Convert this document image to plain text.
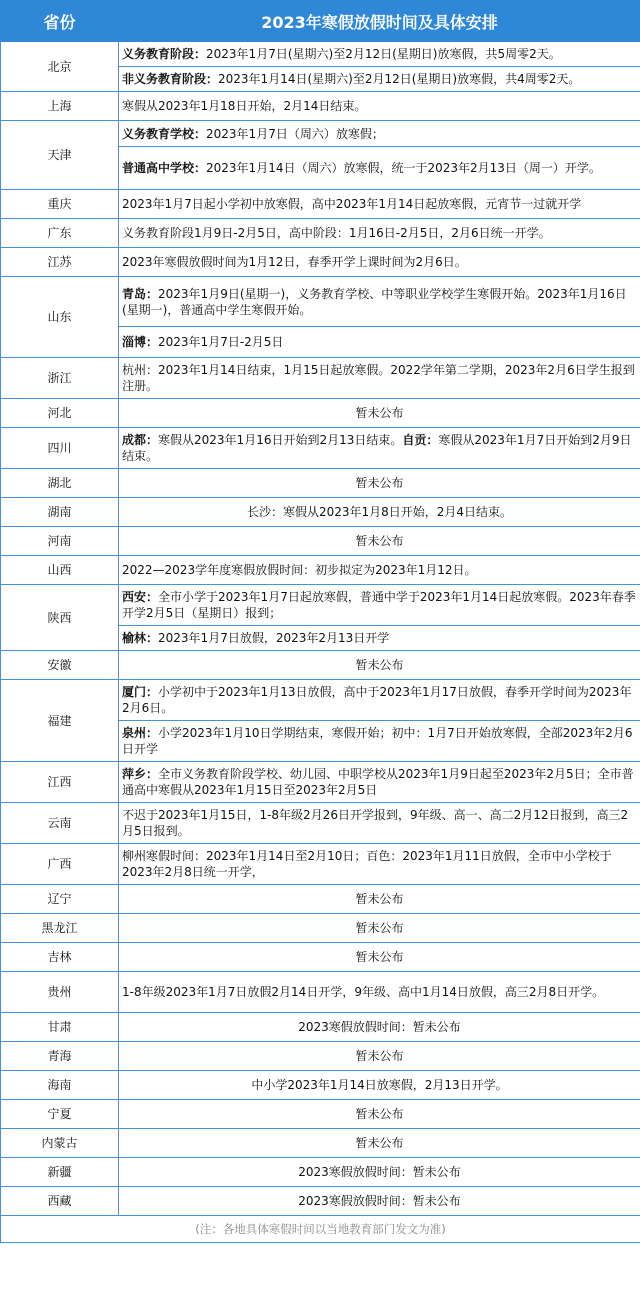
省份	2023年寒假放假时间及具体安排
北京	义务教育阶段：2023年1月7日(星期六)至2月12日(星期日)放寒假，共5周零2天。
	非义务教育阶段：2023年1月14日(星期六)至2月12日(星期日)放寒假，共4周零2天。
上海	寒假从2023年1月18日开始，2月14日结束。
天津	义务教育学校：2023年1月7日（周六）放寒假；
	普通高中学校：2023年1月14日（周六）放寒假，统一于2023年2月13日（周一）开学。
重庆	2023年1月7日起小学初中放寒假，高中2023年1月14日起放寒假，元宵节一过就开学
广东	义务教育阶段1月9日-2月5日，高中阶段：1月16日-2月5日，2月6日统一开学。
江苏	2023年寒假放假时间为1月12日，春季开学上课时间为2月6日。
山东	青岛：2023年1月9日(星期一)，义务教育学校、中等职业学校学生寒假开始。2023年1月16日(星期一)，普通高中学生寒假开始。
	淄博：2023年1月7日-2月5日
浙江	杭州：2023年1月14日结束，1月15日起放寒假。2022学年第二学期，2023年2月6日学生报到注册。
河北	暂未公布
四川	成都：寒假从2023年1月16日开始到2月13日结束。自贡：寒假从2023年1月7日开始到2月9日结束。
湖北	暂未公布
湖南	长沙：寒假从2023年1月8日开始，2月4日结束。
河南	暂未公布
山西	2022—2023学年度寒假放假时间：初步拟定为2023年1月12日。
陕西	西安：全市小学于2023年1月7日起放寒假，普通中学于2023年1月14日起放寒假。2023年春季开学2月5日（星期日）报到；
	榆林：2023年1月7日放假，2023年2月13日开学
安徽	暂未公布
福建	厦门：小学初中于2023年1月13日放假，高中于2023年1月17日放假，春季开学时间为2023年2月6日。
	泉州：小学2023年1月10日学期结束，寒假开始；初中：1月7日开始放寒假，全部2023年2月6日开学
江西	萍乡：全市义务教育阶段学校、幼儿园、中职学校从2023年1月9日起至2023年2月5日；全市普通高中寒假从2023年1月15日至2023年2月5日
云南	不迟于2023年1月15日，1-8年级2月26日开学报到，9年级、高一、高二2月12日报到，高三2月5日报到。
广西	柳州寒假时间：2023年1月14日至2月10日；百色：2023年1月11日放假，全市中小学校于2023年2月8日统一开学，
辽宁	暂未公布
黑龙江	暂未公布
吉林	暂未公布
贵州	1-8年级2023年1月7日放假2月14日开学，9年级、高中1月14日放假，高三2月8日开学。
甘肃	2023寒假放假时间：暂未公布
青海	暂未公布
海南	中小学2023年1月14日放寒假，2月13日开学。
宁夏	暂未公布
内蒙古	暂未公布
新疆	2023寒假放假时间：暂未公布
西藏	2023寒假放假时间：暂未公布
(注：各地具体寒假时间以当地教育部门发文为准)	
